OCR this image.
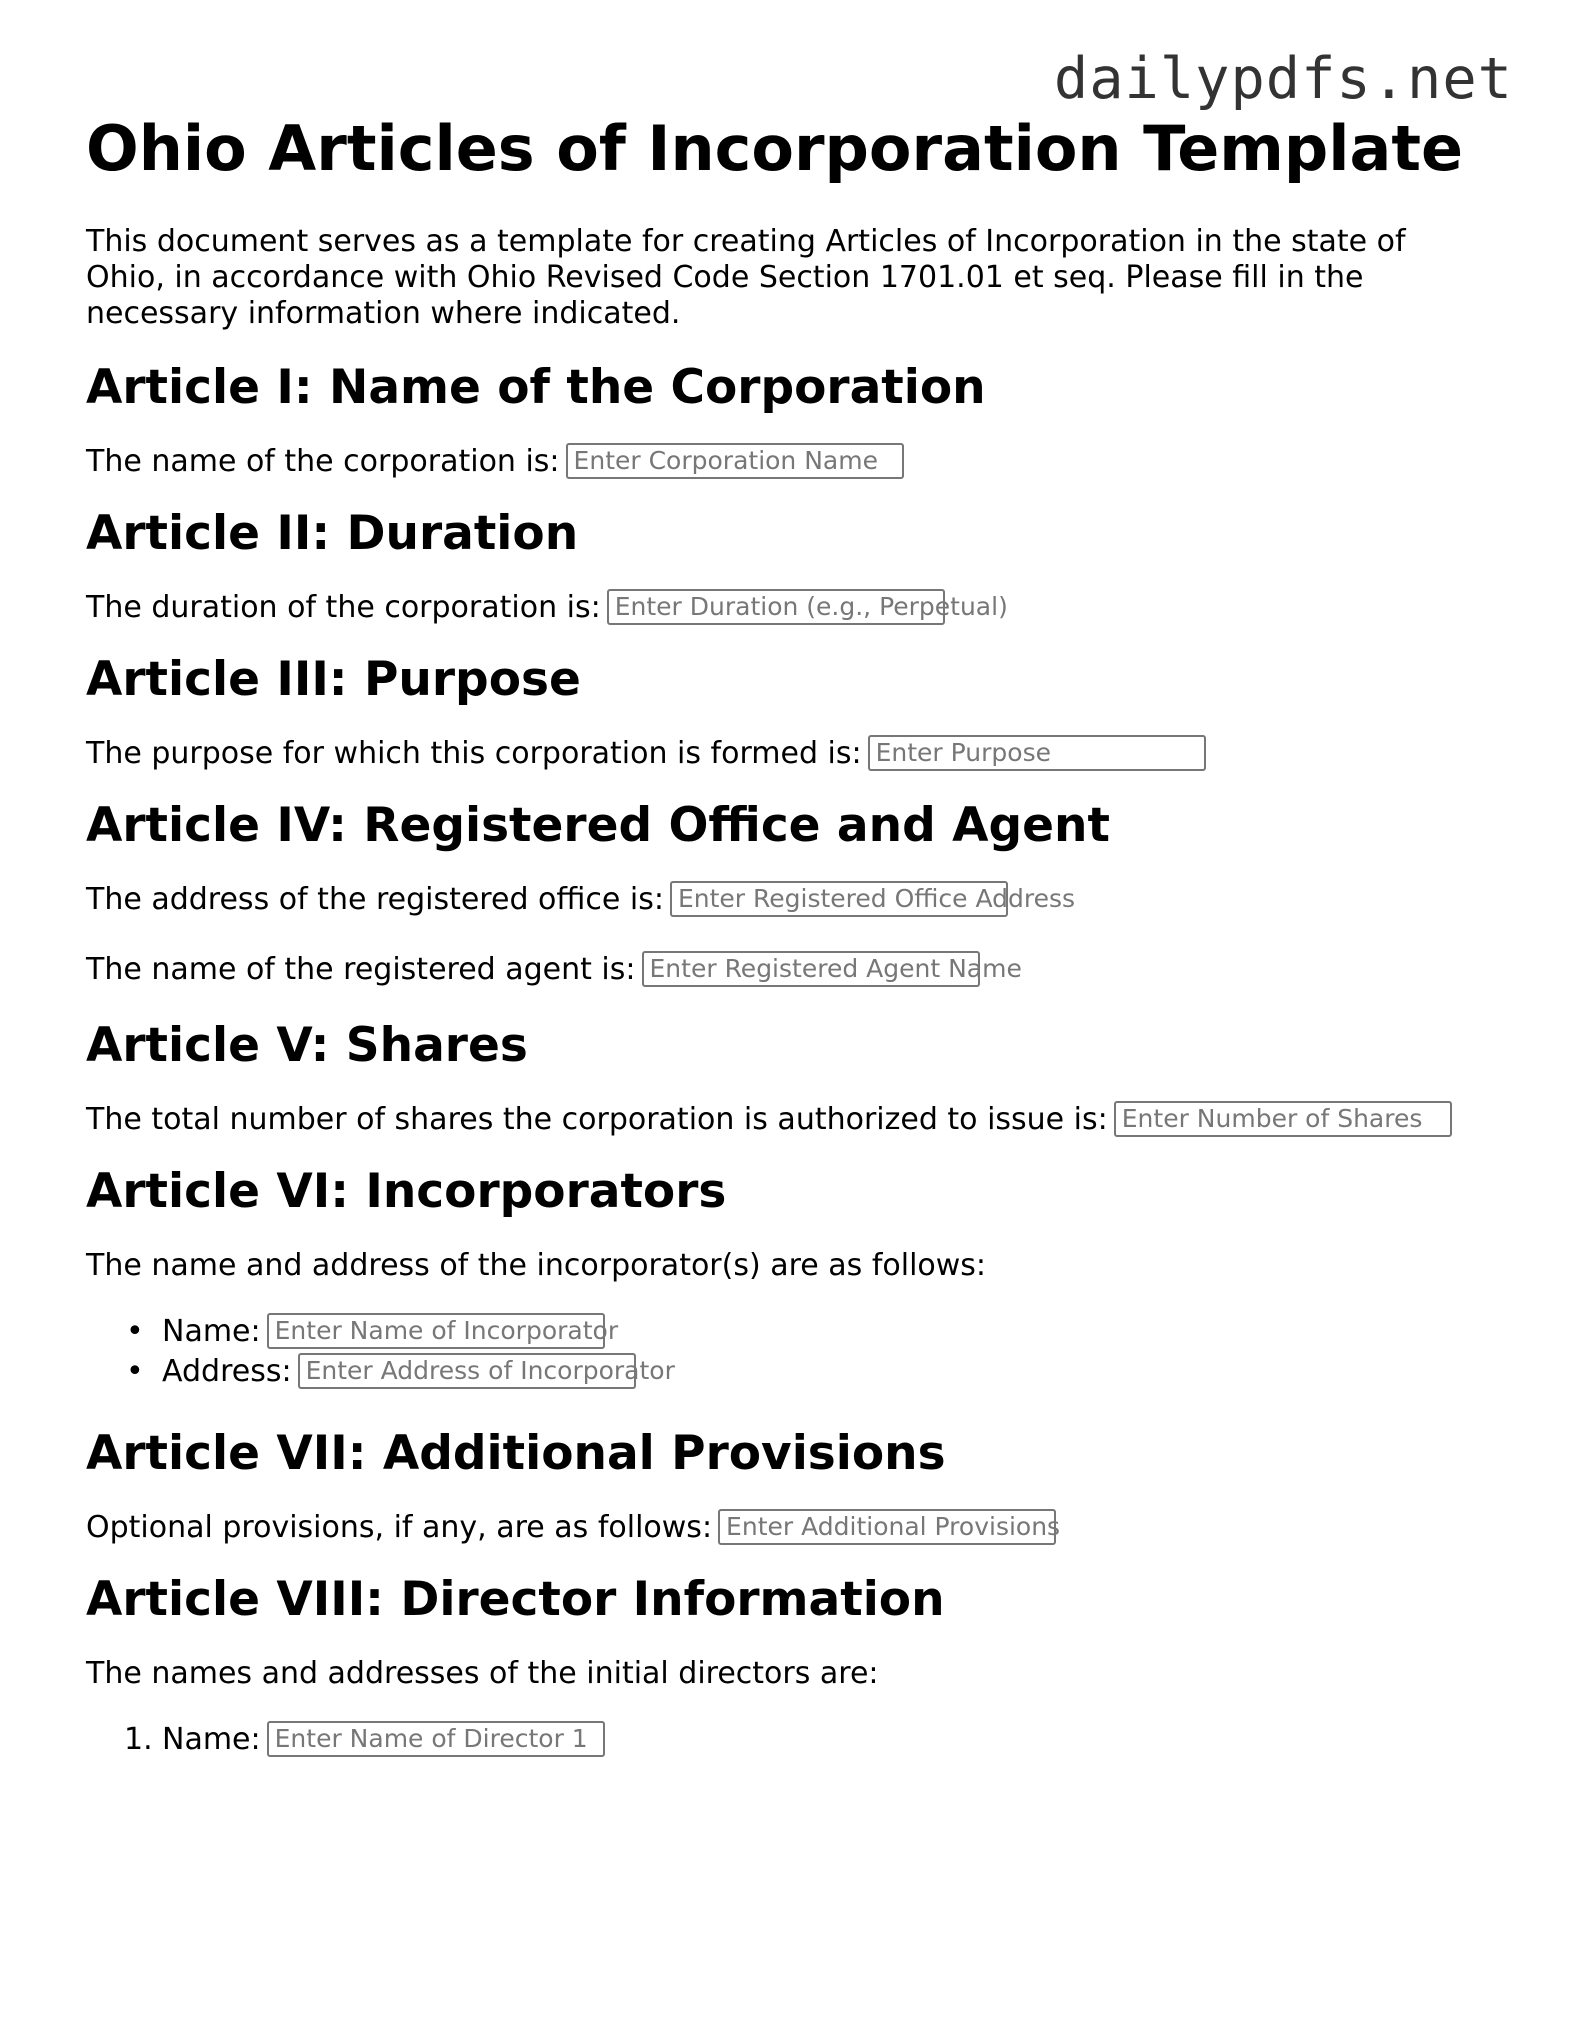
dailypdfs.net
Ohio Articles of Incorporation Template

This document serves as a template for creating Articles of Incorporation in the state of Ohio, in accordance with Ohio Revised Code Section 1701.01 et seq. Please fill in the necessary information where indicated.

Article I: Name of the Corporation

The name of the corporation is: Enter Corporation Name

Article II: Duration

The duration of the corporation is: Enter Duration (e.g., Perpetual)

Article III: Purpose

The purpose for which this corporation is formed is: Enter Purpose

Article IV: Registered Office and Agent

The address of the registered office is: Enter Registered Office Address

The name of the registered agent is: Enter Registered Agent Name

Article V: Shares

The total number of shares the corporation is authorized to issue is: Enter Number of Shares

Article VI: Incorporators

The name and address of the incorporator(s) are as follows:

• Name: Enter Name of Incorporator
• Address: Enter Address of Incorporator
Article VII: Additional Provisions

Optional provisions, if any, are as follows: Enter Additional Provisions

Article VIII: Director Information

The names and addresses of the initial directors are:

1. Name: Enter Name of Director 1
